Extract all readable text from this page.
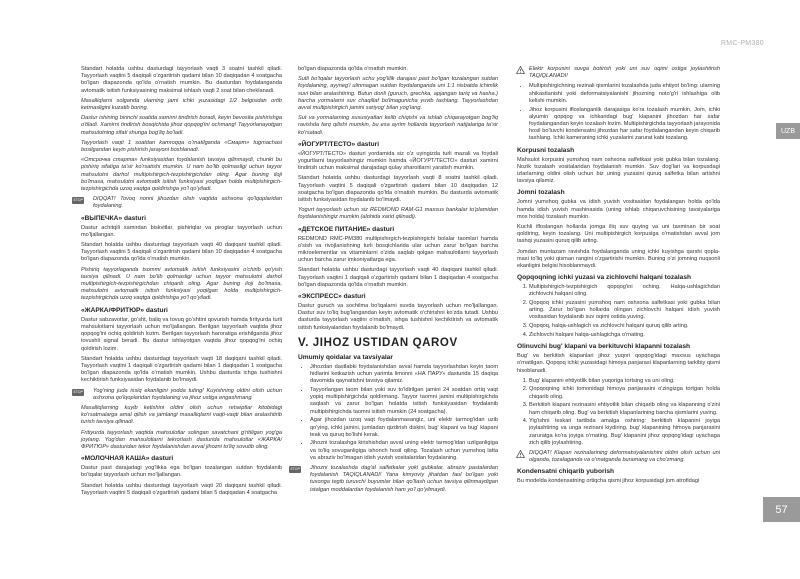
RMC-PM380
UZB
57
Standart holatda ushbu dasturdagi tayyorlash vaqti 3 soatni tashkil qiladi. Tayyorlash vaqtini 5 daqiqali o'zgartirish qadami bilan 10 daqiqadan 4 soatgacha bo'lgan diapazonda qo'lda o'rnatish mumkin. Bu dasturdan foydalanganda avtomatik isitish funksiyasining maksimal ishlash vaqti 2 soat bilan cheklanadi.
Masalliqlarni solganda ularning jami ichki yuzasidagi 1/2 belgisidan ortib ketmasligini kuzatib boring.
Dastur ishining birinchi soatida xamirni tindirish boradi, keyin bevosita pishirishga o'tiladi. Xamirni tindirish bosqichida jihoz qopqog'ini ochmang! Tayyorlanayotgan mahsulotning sifati shunga bog'liq bo'ladi.
Tayyorlash vaqti 1 soatdan kamroqqa o'rnatilganda «Смарт» tugmachasi bosilgandan keyin pishirish jarayoni boshlanadi.
«Отсрочка старта» funksiyasidan foydalanish tavsiya qilinmaydi, chunki bu pishiriq sifatiga ta'sir ko'rsatishi mumkin. U nam bo'lib qolmasligi uchun tayyor mahsulotni darhol multipishirgich-tezpishirgichdan oling. Agar buning iloji bo'lmasa, mahsulotni avtomatik isitish funksiyasi yoqilgan holda multipishirgich-tezpishirgichda uzoq vaqtga qoldirishga yo'l qo'yiladi.
STOP DIQQAT! Tovoq nonni jihozdan olish vaqtida ashxona qo'lqoplaridan foydalaning.
«ВЫПЕЧКА» dasturi
Dastur achitqili xamirdan biskvitlar, pishiriqlar va piroglar tayyorlash uchun mo'ljallangan.
Standart holatda ushbu dasturdagi tayyorlash vaqti 40 daqiqani tashkil qiladi. Tayyorlash vaqtini 5 daqiqali o'zgartirish qadami bilan 10 daqiqadan 4 soatgacha bo'lgan diapazonda qo'lda o'rnatish mumkin.
Pishiriq tayyorlaganda tsommi avtomatik isitish funksiyasini o'chirib qo'yish tavsiya qilinadi. U nam bo'lib qolmasligi uchun tayyor mahsulotni darhol multipishirgich-tezpishirgichdan chiqarib oling. Agar buning iloji bo'lmasa, mahsulotni avtomatik isitish funksiyasi yoqilgan holda multipishirgich-tezpishirgichda uzoq vaqtga qoldirishga yo'l qo'yiladi.
«ЖАРКА/ФРИТЮР» dasturi
Dastur sabzavotlar, goʻsht, baliq va tovuq goʻshtini qovurish hamda fırityurda turli mahsulotlarni tayyorlash uchun mo'ljallangan. Berilgan tayyorlash vaqtida jihoz qopqog'ini ochiq qoldirish lozim. Berilgan tayyorlash haroratiga erishilganda jihoz tovushli signal beradi. Bu dastur ishlayotgan vaqtda jihoz qopqog'ini ochiq qoldirish lozim.
Standart holatda ushbu dasturdagi tayyorlash vaqti 18 daqiqani tashkil qiladi. Tayyorlash vaqtini 1 daqiqali o'zgartirish qadami bilan 1 daqiqadan 1 soatgacha bo'lgan diapazonda qo'lda o'rnatish mumkin. Ushbu dasturda ichga tushishni kechiktirish funksiyasidan foydalanib bo'lmaydi.
STOP Yog'ning juda issiq ekanligini yodda tuting! Kuyishning oldini olish uchun ashxona qo'lqoplaridan foydalaning va jihoz ustiga engashmang.
Masalliqlarning kuyib ketishini oldini olish uchun retseptlar kitobidagi ko'rsatmalarga amal qilish va jamlangi masalliqlarni vaqti-vaqti bilan aralashtirib turish tavsiya qilinadi.
Fritiyurda tayyorlash vaqtida mahsulotlar solingan savatchani g'ritiligan yog'ga joylang. Yog'dan mahsulotlarni tekrorlash dasturida mahsulotlar «ЖАРКА/ФРИТЮР» dasturidan tekor foydalanishdan avval jihozni to'liq sovutib oling.
«МОЛОЧНАЯ КАША» dasturi
Dastur past darajadagi yog'likka ega bo'lgan tozalangan sutdan foydalanib bo'tqalar tayyorlash uchun mo'ljallangan.
Standart holatda ushbu dasturdagi tayyorlash vaqti 20 daqiqani tashkil qiladi. Tayyorlash vaqtini 5 daqiqali o'zgartirish qadami bilan 5 daqiqadan 4 soatgacha
bo'lgan diapazonda qo'lda o'rnatish mumkin.
Sutli bo'tqalar tayyorlash uchu yog'lilik darajasi past bo'lgan tozalangan sutdan foydalaning, ayyneg'i ulinmagan sutdan foydalanganda uni 1:1 nisbatda ichimlik suvi bilan aralashtiring. Butun donli (guruch, grechka, apjangan tariq va hasha.) barcha yormalarni suv chaqillaf bo'lmagunicha yuvib tashlang. Tayyorlashdan avval multipishirgich jamini sariyog' bilan yog'lang.
Sut va yormalarning xususiyatlari kelib chiqishi va ishlab chiqarayotgan bog'liq ravishda farq qilishi mumkin, bu esa ayrim hollarda tayyorlash natijalariga ta'sir ko'rsatadi.
«ЙОГУРТ/ТЕСТО» dasturi
«ЙОГУРТ/ТЕСТО» dasturi yordamida siz o'z uyingizda turli mazali va foydali yogurtlarni tayyorlashingiz mumkin hamda «ЙОГУРТ/ТЕСТО» dasturi xamirni tindirish uchun maksimal darajadagi qulay sharoitlarni yaratish mumkin.
Standart holatda ushbu dasturdagi tayyorlash vaqti 8 soatni tashkil qiladi. Tayyorlash vaqtini 5 daqiqali o'zgartirish qadami bilan 10 daqiqadan 12 soatgacha bo'lgan diapazonda qo'lda o'rnatish mumkin. Bu dasturda avtomatik isitish funksiyasidan foydalanib bo'lmaydi.
Yogurt tayyorlash uchun siz REDMOND RAM-G1 maxsus bankalar to'plamidan foydalanishingiz mumkin (alohida xarid qilinadi).
«ДЕТСКОЕ ПИТАНИЕ» dasturi
REDMOND RMC-PM380 multipishirgich-tezpishirgichi bolalar taomlari hamda o'sish va rivojlanishning turli bosqichlarida ular uchun zarur bo'lgan barcha mikroelementlar va vitaminlarni o'zida saqlab qolgan mahsulotlarni tayyorlash uchun barcha zarur imkoniyatlarga ega.
Standart holatda ushbu dasturdagi tayyorlash vaqti 40 daqiqani tashkil qiladi. Tayyorlash vaqtini 1 daqiqali o'zgartirish qadami bilan 1 daqiqadan 4 soatgacha bo'lgan diapazonda qo'lda o'rnatish mumkin.
«ЭКСПРЕСС» dasturi
Dastur guruch va sochilma bo'tqalarni suvda tayyorlash uchun mo'ljallangan. Dastur suv to'liq bug'langandan keyin avtomatik o'chirishni ko'zda tutadi. Ushbu dasturda tayyorlash vaqtini o'rnatish, ishga tushishni kechiktirish va avtomatik isitish funksiyalaridan foydalanib bo'lmaydi.
V. JIHOZ USTIDAN QAROV
Umumiy qoidalar va tavsiyalar
• Jihozdan dastlabki foydalanishdan avval hamda tayyorlashdan keyin taom hidlarini ketkazish uchun yarimta limonni «НА ПАРУ» dasturida 15 daqiqa davomida qaynatishni tavsiya qilamiz.
• Tayyorlangan taom bilan yoki suv to'ldirilgan jamini 24 soatdan ortiq vaqt yopiq multipishirgichda qoldirmang. Tayyor taomni jamini multipishirgichda saqlash va zarur bo'lgan holatda isitish funksiyasidan foydalanib multipishirgichda taomni isitish mumkin (24 soatgacha).
• Agar jihozdan uzoq vaqt foydalanmasangiz, uni elektr tarmog'idan uzib qo'ying, ichki jamini, jumladan qizdirish diskini, bug' klapani va bug' klapani teak va quruq bo'lishi kerak.
• Jihozni tozalashga kirishishdan avval uning elektr tarmog'idan uzilganligiga va to'liq sovuganligiga ishonch hosil qiling. Tozalash uchun yumshoq latta va abraziv bo'lmagan idish yuvish vositalaridan foydalaning.
STOP Jihozni tozalashda dag'al salfetkalar yoki gubkalar, abraziv pastalardan foydalanish TAQIQLANADI! Yana kimyoviy jihatdan faol bo'lgan yoki tuxonga tegib turuvchi buyumlar bilan qo'llash uchun tavsiya qilinmaydigan istalgan moddalardan foydalanish ham yo'l qo'yilmaydi.
Elektr korpusini suvga botirish yoki uni suv oqimi ostiga joylashtirish TAQIQLANADI!
• Multipishirgichning rezinali qismlarini tozalashda juda ehtiyot bo'ling: ularning shikastlanishi yoki deformatsiyalanishi jihozning noto'g'ri ishlashiga olib kelishi mumkin.
• Jihoz korpusini ifloslanganlik darajasiga ko'ra tozalash mumkin. Jom, ichki alyumin qopqog va ichkaridagi bug' klapanini jihozdan har safar foydalangandan keyin tozalash lozim. Multipishirgichda tayyorlash jarayonida hosil bo'luvchi kondensatni jihozdan har safar foydalangandan keyin chiqarib tashlang. Ichki kameraning ichki yuzalarini zarurat kabi tozalang.
Korpusni tozalash
Mahsulot korpusini yumshoq nam oshxona salfetkasi yoki gubka bilan tozalang. Nozik tozalash vositalaridan foydalanish mumkin. Suv dog'lari va korpusdagi izlarlarning oldini olish uchun biz uning yuzasini quruq salfetka bilan artishni tavsiya qilamiz.
Jomni tozalash
Jomni yumshoq gubka va idish yuvish vositasidan foydalangan holda qo'lda hamda idish yuvish mashinasida (uning ishlab chiqaruvchisining tavsiyalariga mos holda) tozalash mumkin.
Kuchli ifloslangan hollarda jomga iliq suv quying va uni taxminan bir soat qoldiring, keyin tozalang. Uni multipishirgich korpusiga o'rnatishdan avval jom tashqi yuzasini quruq qilib arting.
Jomdan muntazam ravishda foydalanganda uning ichki kuyishga qarshi qopla-masi to'liq yoki qisman rangini o'zgartirishi mumkin. Buning o'zi jomning nuqsonli ekanligini belgisi hisoblanmaydi.
Qopqoqning ichki yuzasi va zichlovchi halqani tozalash
1. Multipishirgich-tezpishirgich qopqog'ini oching. Halqa-ushlagichdan zichlovchi halqani oling.
2. Qopqoq ichki yuzasini yumshoq nam oshxona salfetkasi yoki gubka bilan arting. Zarur bo'lgan hollarda olingan zichlovchi halqani idish yuvish vositasidan foydalanib suv oqimi ostida yuving.
3. Qopqoq, halqa-ushlagich va zichlovchi halqani quruq qilib arting.
4. Zichlovchi halqani halqa-ushlagichga o'rnating.
Olinuvchi bug' klapani va berkituvchi klapanni tozalash
Bug' va berkitish klapanlari jihoz yuqori qopqog'idagi maxsus uyachaga o'rnatilgan. Qopqoq ichki yuzasidagi himoya panjarasi klapanlarning tarkibiy qismi hisoblanadi.
1. Bug' klapanini ehtiyotlik bilan yuqoriga tortsing va uni oling.
2. Qopqoqning ichki tomonidagi himoya panjarasini o'zingizga tortgan holda chiqarib oling.
3. Berkitish klapani rezinasini ehtiyotlik bilan chiqarib oling va klapanning o'zini ham chiqarib oling. Bug' va berkitish klapanlarining barcha qismlarini yuving.
4. Yig'ishni teskari tartibda amalga oshiring: berkitish klapanini joyiga joylashtiring va unga rezinani kiydiring, bug' klapanining himoya panjarasini zaruratga ko'ra joyiga o'rnating. Bug' klapanini jihoz qopqog'idagi uyachaga zich qilib joylashtiring.
DIQQAT! Klapan rezinalarining deformatsiyalanishini oldini olish uchun uni olganda, tozalaganda va o'rnatganda buramang va cho'zmang.
Kondensatni chiqarib yuborish
Bu modelda kondensatning ortiqcha qismi jihoz korpusidagi jom atrofidagi
